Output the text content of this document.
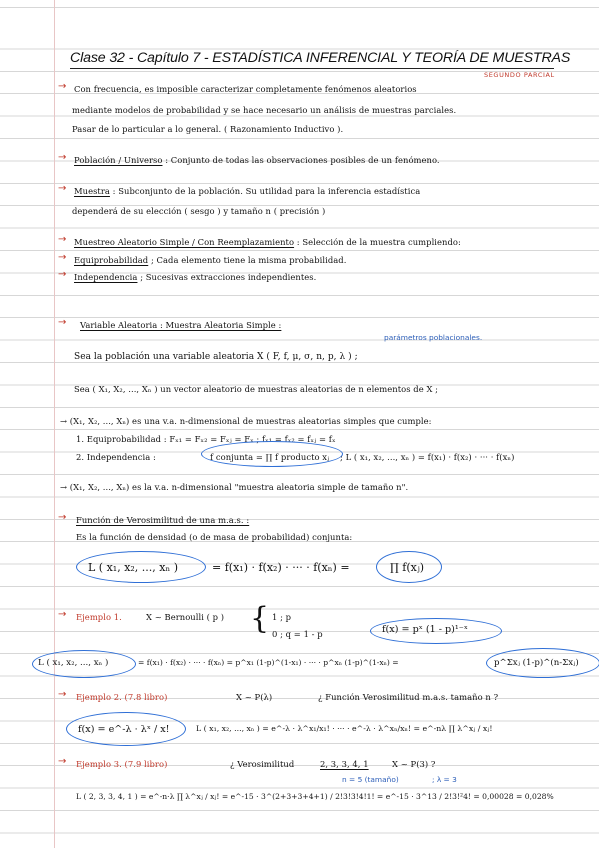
Clase 32 - Capítulo 7 - ESTADÍSTICA INFERENCIAL Y TEORÍA DE MUESTRAS
SEGUNDO PARCIAL
→ Con frecuencia, es imposible caracterizar completamente fenómenos aleatorios
mediante modelos de probabilidad y se hace necesario un análisis de muestras parciales.
Pasar de lo particular a lo general. ( Razonamiento Inductivo ).
→ Población / Universo : Conjunto de todas las observaciones posibles de un fenómeno.
→ Muestra : Subconjunto de la población. Su utilidad para la inferencia estadística
dependerá de su elección ( sesgo ) y tamaño n ( precisión )
→ Muestreo Aleatorio Simple / Con Reemplazamiento : Selección de la muestra cumpliendo:
→ Equiprobabilidad ; Cada elemento tiene la misma probabilidad.
→ Independencia ; Sucesivas extracciones independientes.
→ Variable Aleatoria : Muestra Aleatoria Simple :
parámetros poblacionales.
Sea la población una variable aleatoria X ( F, f, μ, σ, n, p, λ ) ;
Sea ( X₁, X₂, ..., Xₙ ) un vector aleatorio de muestras aleatorias de n elementos de X ;
→ (X₁, X₂, ..., Xₙ) es una v.a. n-dimensional de muestras aleatorias simples que cumple:
1. Equiprobabilidad : Fₓ₁ = Fₓ₂ = Fₓⱼ = Fₓ ; fₓ₁ = fₓ₂ = fₓⱼ = fₓ
2. Independencia :	f conjunta = ∏ f producto xⱼ ; L ( x₁, x₂, ..., xₙ ) = f(x₁) · f(x₂) · ··· · f(xₙ)
→ (X₁, X₂, ..., Xₙ) es la v.a. n-dimensional "muestra aleatoria simple de tamaño n".
→ Función de Verosimilitud de una m.a.s. :
Es la función de densidad (o de masa de probabilidad) conjunta:
L ( x₁, x₂, ..., xₙ )	= f(x₁) · f(x₂) · ··· · f(xₙ) =	∏ f(xⱼ)
→ Ejemplo 1.	X ~ Bernoulli ( p ) { 1 ; p
0 ; q = 1 - p	f(x) = pˣ (1 - p)¹⁻ˣ
L ( x₁, x₂, ..., xₙ )	= f(x₁) · f(x₂) · ··· · f(xₙ) = p^x₁ (1-p)^(1-x₁) · ··· · p^xₙ (1-p)^(1-xₙ) =	p^Σxⱼ (1-p)^(n-Σxⱼ)
→ Ejemplo 2. (7.8 libro)	X ~ P(λ)	¿ Función Verosimilitud m.a.s. tamaño n ?
f(x) = e^-λ · λˣ / x!	L ( x₁, x₂, ..., xₙ ) = e^-λ · λ^x₁/x₁! · ··· · e^-λ · λ^xₙ/xₙ! = e^-nλ ∏ λ^xⱼ / xⱼ!
→ Ejemplo 3. (7.9 libro)	¿ Verosimilitud	2, 3, 3, 4, 1	X ~ P(3) ?
n = 5 (tamaño)	; λ = 3
L ( 2, 3, 3, 4, 1 ) = e^-n·λ ∏ λ^xⱼ / xⱼ! = e^-15 · 3^(2+3+3+4+1) / 2!3!3!4!1! = e^-15 · 3^13 / 2!3!²4! = 0,00028 = 0,028%
